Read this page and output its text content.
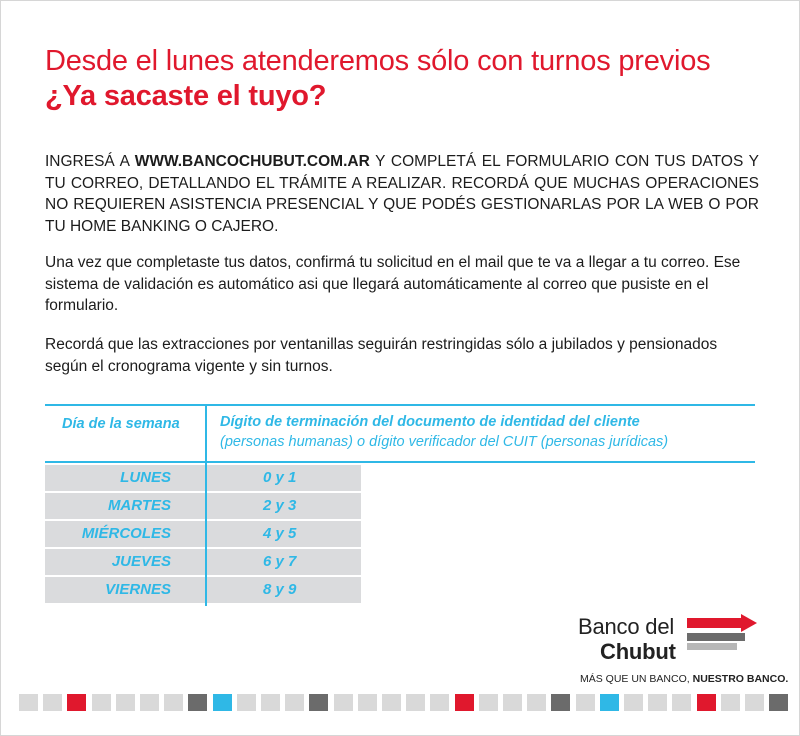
Desde el lunes atenderemos sólo con turnos previos
¿Ya sacaste el tuyo?
INGRESÁ A WWW.BANCOCHUBUT.COM.AR Y COMPLETÁ EL FORMULARIO CON TUS DATOS Y TU CORREO, DETALLANDO EL TRÁMITE A REALIZAR. RECORDÁ QUE MUCHAS OPERACIONES NO REQUIEREN ASISTENCIA PRESENCIAL Y QUE PODÉS GESTIONARLAS POR LA WEB O POR TU HOME BANKING O CAJERO.
Una vez que completaste tus datos, confirmá tu solicitud en el mail que te va a llegar a tu correo. Ese sistema de validación es automático asi que llegará automáticamente al correo que pusiste en el formulario.
Recordá que las extracciones por ventanillas seguirán restringidas sólo a jubilados y pensionados según el cronograma vigente y sin turnos.
Día de la semana	Dígito de terminación del documento de identidad del cliente
(personas humanas) o dígito verificador del CUIT (personas jurídicas)
LUNES	0 y 1
MARTES	2 y 3
MIÉRCOLES	4 y 5
JUEVES	6 y 7
VIERNES	8 y 9
Banco del
Chubut
MÁS QUE UN BANCO, NUESTRO BANCO.
